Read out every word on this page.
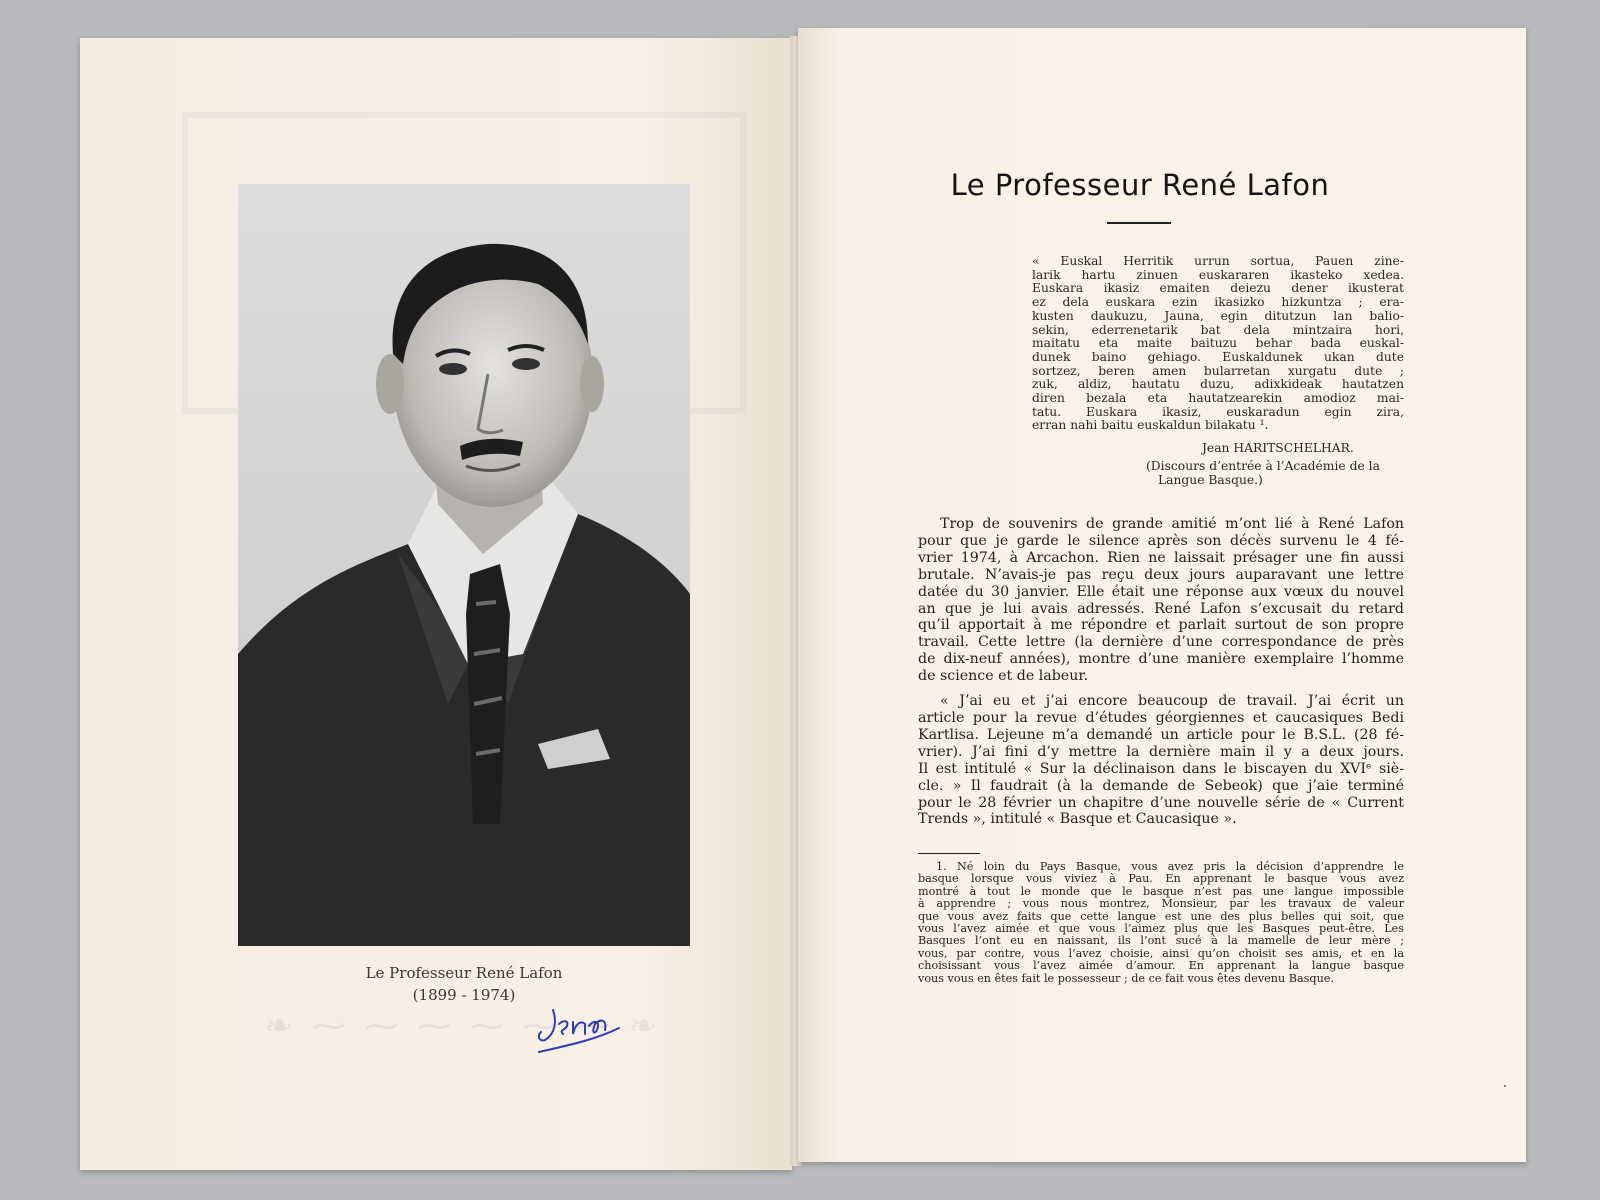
❧ ⁓ ⁓ ⁓ ⁓ ⁓ ⁓ ❧
Le Professeur René Lafon
(1899 - 1974)
Le Professeur René Lafon
« Euskal Herritik urrun sortua, Pauen zine-
larik hartu zinuen euskararen ikasteko xedea.
Euskara ikasiz emaiten deiezu dener ikusterat
ez dela euskara ezin ikasizko hizkuntza ; era-
kusten daukuzu, Jauna, egin ditutzun lan balio-
sekin, ederrenetarik bat dela mintzaira hori,
maitatu eta maite baituzu behar bada euskal-
dunek baino gehiago. Euskaldunek ukan dute
sortzez, beren amen bularretan xurgatu dute ;
zuk, aldiz, hautatu duzu, adixkideak hautatzen
diren bezala eta hautatzearekin amodioz mai-
tatu. Euskara ikasiz, euskaradun egin zira,
erran nahi baitu euskaldun bilakatu ¹.
Jean HARITSCHELHAR.
(Discours d’entrée à l’Académie de la
Langue Basque.)
Trop de souvenirs de grande amitié m’ont lié à René Lafon
pour que je garde le silence après son décès survenu le 4 fé-
vrier 1974, à Arcachon. Rien ne laissait présager une fin aussi
brutale. N’avais-je pas reçu deux jours auparavant une lettre
datée du 30 janvier. Elle était une réponse aux vœux du nouvel
an que je lui avais adressés. René Lafon s’excusait du retard
qu’il apportait à me répondre et parlait surtout de son propre
travail. Cette lettre (la dernière d’une correspondance de près
de dix-neuf années), montre d’une manière exemplaire l’homme
de science et de labeur.
« J’ai eu et j’ai encore beaucoup de travail. J’ai écrit un
article pour la revue d’études géorgiennes et caucasiques Bedi
Kartlisa. Lejeune m’a demandé un article pour le B.S.L. (28 fé-
vrier). J’ai fini d’y mettre la dernière main il y a deux jours.
Il est intitulé « Sur la déclinaison dans le biscayen du XVIᵉ siè-
cle. » Il faudrait (à la demande de Sebeok) que j’aie terminé
pour le 28 février un chapitre d’une nouvelle série de « Current
Trends », intitulé « Basque et Caucasique ».
1. Né loin du Pays Basque, vous avez pris la décision d’apprendre le
basque lorsque vous viviez à Pau. En apprenant le basque vous avez
montré à tout le monde que le basque n’est pas une langue impossible
à apprendre ; vous nous montrez, Monsieur, par les travaux de valeur
que vous avez faits que cette langue est une des plus belles qui soit, que
vous l’avez aimée et que vous l’aimez plus que les Basques peut-être. Les
Basques l’ont eu en naissant, ils l’ont sucé à la mamelle de leur mère ;
vous, par contre, vous l’avez choisie, ainsi qu’on choisit ses amis, et en la
choisissant vous l’avez aimée d’amour. En apprenant la langue basque
vous vous en êtes fait le possesseur ; de ce fait vous êtes devenu Basque.
